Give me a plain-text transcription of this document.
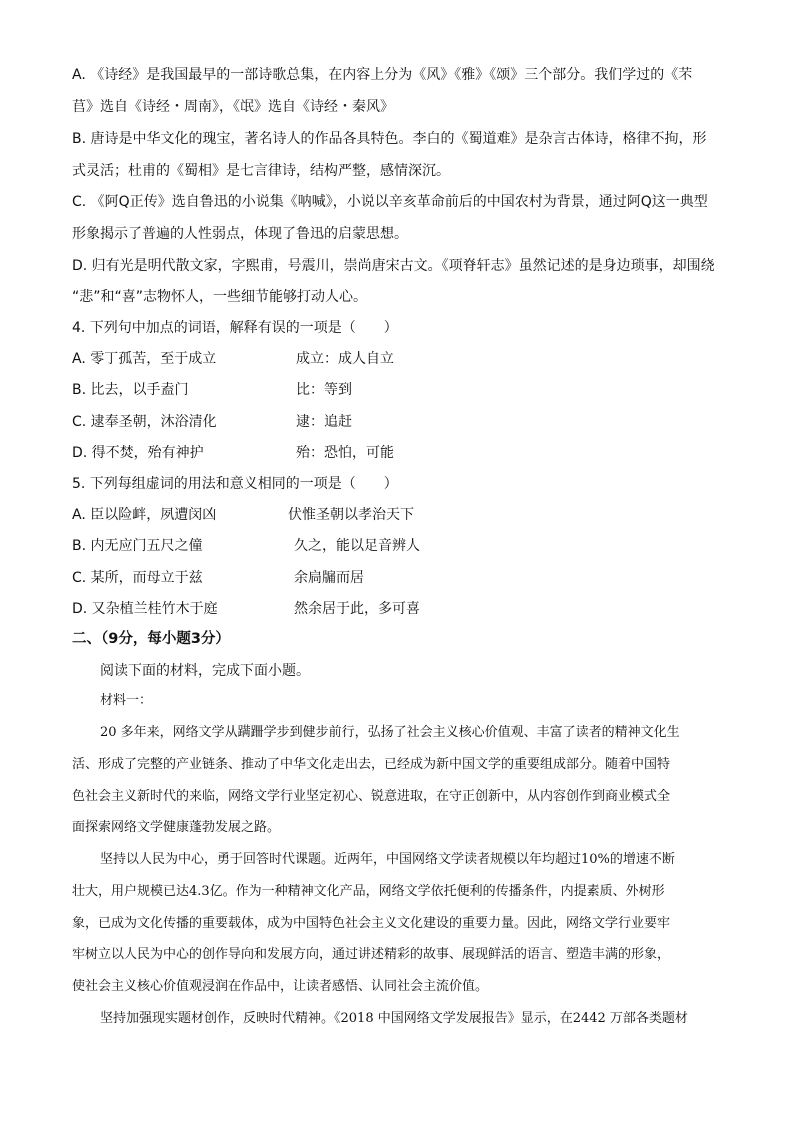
A. 《诗经》是我国最早的一部诗歌总集，在内容上分为《风》《雅》《颂》三个部分。我们学过的《芣
苢》选自《诗经・周南》，《氓》选自《诗经・秦风》
B. 唐诗是中华文化的瑰宝，著名诗人的作品各具特色。李白的《蜀道难》是杂言古体诗，格律不拘，形
式灵活；杜甫的《蜀相》是七言律诗，结构严整，感情深沉。
C. 《阿Q正传》选自鲁迅的小说集《呐喊》，小说以辛亥革命前后的中国农村为背景，通过阿Q这一典型
形象揭示了普遍的人性弱点，体现了鲁迅的启蒙思想。
D. 归有光是明代散文家，字熙甫，号震川，崇尚唐宋古文。《项脊轩志》虽然记述的是身边琐事，却围绕
“悲”和“喜”志物怀人，一些细节能够打动人心。
4. 下列句中加点的词语，解释有误的一项是（　　）
A. 零丁孤苦，至于成立	成立：成人自立
B. 比去，以手盍门	比：等到
C. 逮奉圣朝，沐浴清化	逮：追赶
D. 得不焚，殆有神护	殆：恐怕，可能
5. 下列每组虚词的用法和意义相同的一项是（　　）
A. 臣以险衅，夙遭闵凶	伏惟圣朝以孝治天下
B. 内无应门五尺之僮	久之，能以足音辨人
C. 某所，而母立于兹	余扃牖而居
D. 又杂植兰桂竹木于庭	然余居于此，多可喜
二、（9分，每小题3分）
阅读下面的材料，完成下面小题。
材料一：
20 多年来，网络文学从蹒跚学步到健步前行，弘扬了社会主义核心价值观、丰富了读者的精神文化生
活、形成了完整的产业链条、推动了中华文化走出去，已经成为新中国文学的重要组成部分。随着中国特
色社会主义新时代的来临，网络文学行业坚定初心、锐意进取，在守正创新中，从内容创作到商业模式全
面探索网络文学健康蓬勃发展之路。
坚持以人民为中心，勇于回答时代课题。近两年，中国网络文学读者规模以年均超过10%的增速不断
壮大，用户规模已达4.3亿。作为一种精神文化产品，网络文学依托便利的传播条件，内提素质、外树形
象，已成为文化传播的重要载体，成为中国特色社会主义文化建设的重要力量。因此，网络文学行业要牢
牢树立以人民为中心的创作导向和发展方向，通过讲述精彩的故事、展现鲜活的语言、塑造丰满的形象，
使社会主义核心价值观浸润在作品中，让读者感悟、认同社会主流价值。
坚持加强现实题材创作，反映时代精神。《2018 中国网络文学发展报告》显示，在2442 万部各类题材
